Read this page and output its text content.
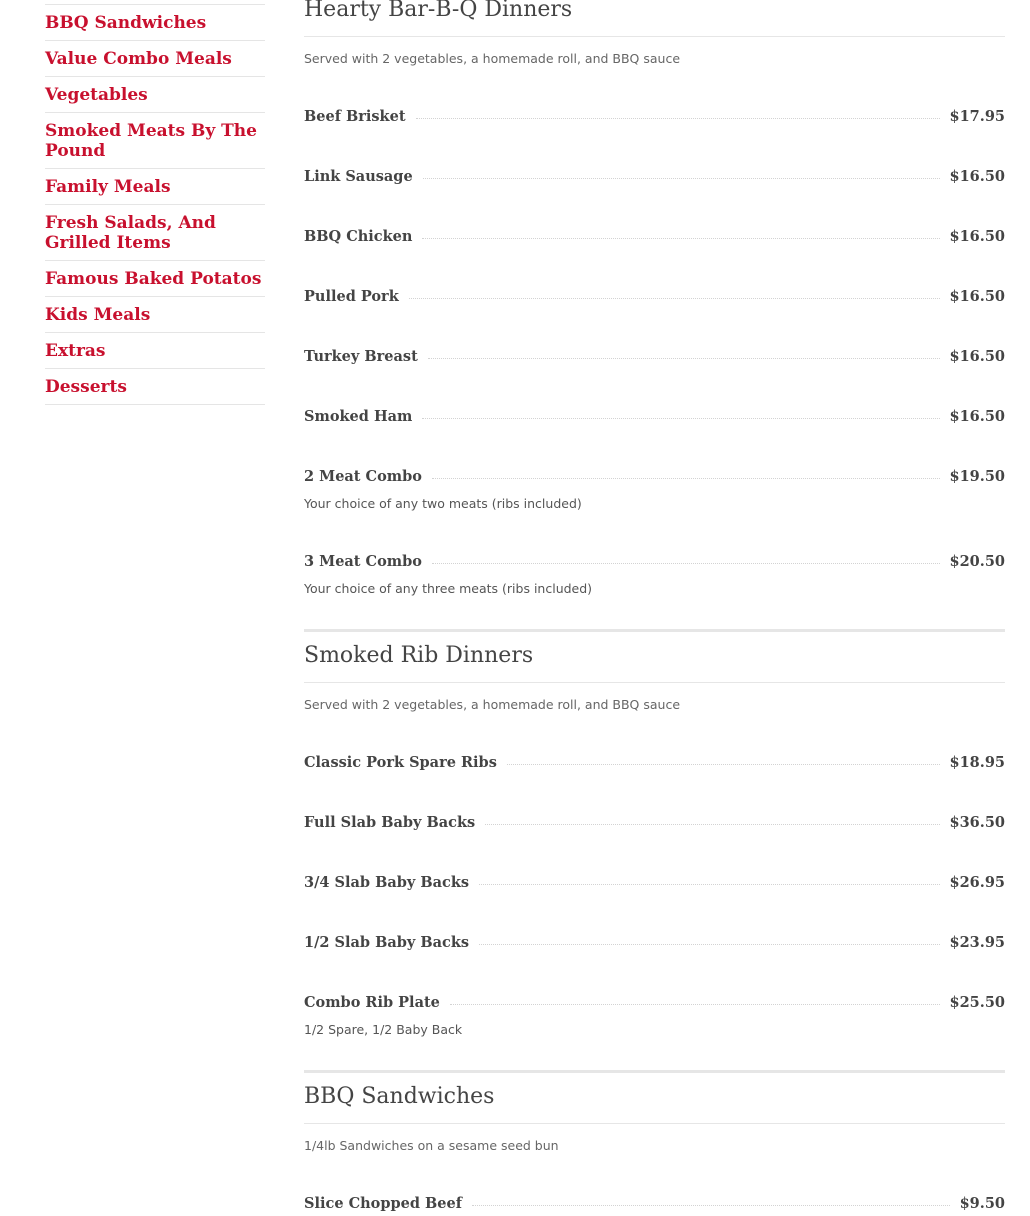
BBQ Sandwiches
Value Combo Meals
Vegetables
Smoked Meats By The Pound
Family Meals
Fresh Salads, And Grilled Items
Famous Baked Potatos
Kids Meals
Extras
Desserts
Hearty Bar-B-Q Dinners

Served with 2 vegetables, a homemade roll, and BBQ sauce

Beef Brisket	$17.95
Link Sausage	$16.50
BBQ Chicken	$16.50
Pulled Pork	$16.50
Turkey Breast	$16.50
Smoked Ham	$16.50
2 Meat Combo	$19.50
Your choice of any two meats (ribs included)
3 Meat Combo	$20.50
Your choice of any three meats (ribs included)
Smoked Rib Dinners

Served with 2 vegetables, a homemade roll, and BBQ sauce

Classic Pork Spare Ribs	$18.95
Full Slab Baby Backs	$36.50
3/4 Slab Baby Backs	$26.95
1/2 Slab Baby Backs	$23.95
Combo Rib Plate	$25.50
1/2 Spare, 1/2 Baby Back
BBQ Sandwiches

1/4lb Sandwiches on a sesame seed bun

Slice Chopped Beef	$9.50
